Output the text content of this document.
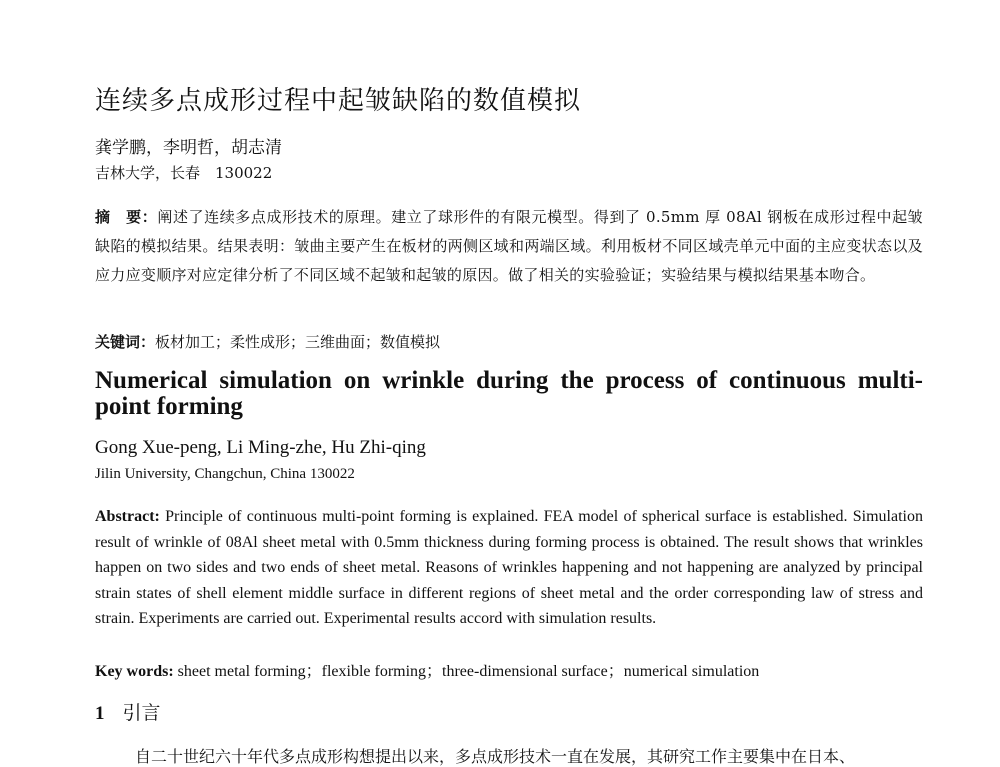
连续多点成形过程中起皱缺陷的数值模拟
龚学鹏，李明哲，胡志清
吉林大学，长春　130022
摘　要：阐述了连续多点成形技术的原理。建立了球形件的有限元模型。得到了 0.5mm 厚 08Al 钢板在成形过程中起皱缺陷的模拟结果。结果表明：皱曲主要产生在板材的两侧区域和两端区域。利用板材不同区域壳单元中面的主应变状态以及应力应变顺序对应定律分析了不同区域不起皱和起皱的原因。做了相关的实验验证；实验结果与模拟结果基本吻合。
关键词：板材加工；柔性成形；三维曲面；数值模拟
Numerical simulation on wrinkle during the process of continuous multi-point forming
Gong Xue-peng, Li Ming-zhe, Hu Zhi-qing
Jilin University, Changchun, China 130022
Abstract: Principle of continuous multi-point forming is explained. FEA model of spherical surface is established. Simulation result of wrinkle of 08Al sheet metal with 0.5mm thickness during forming process is obtained. The result shows that wrinkles happen on two sides and two ends of sheet metal. Reasons of wrinkles happening and not happening are analyzed by principal strain states of shell element middle surface in different regions of sheet metal and the order corresponding law of stress and strain. Experiments are carried out. Experimental results accord with simulation results.
Key words: sheet metal forming；flexible forming；three-dimensional surface；numerical simulation
1 引言
自二十世纪六十年代多点成形构想提出以来，多点成形技术一直在发展，其研究工作主要集中在日本、
